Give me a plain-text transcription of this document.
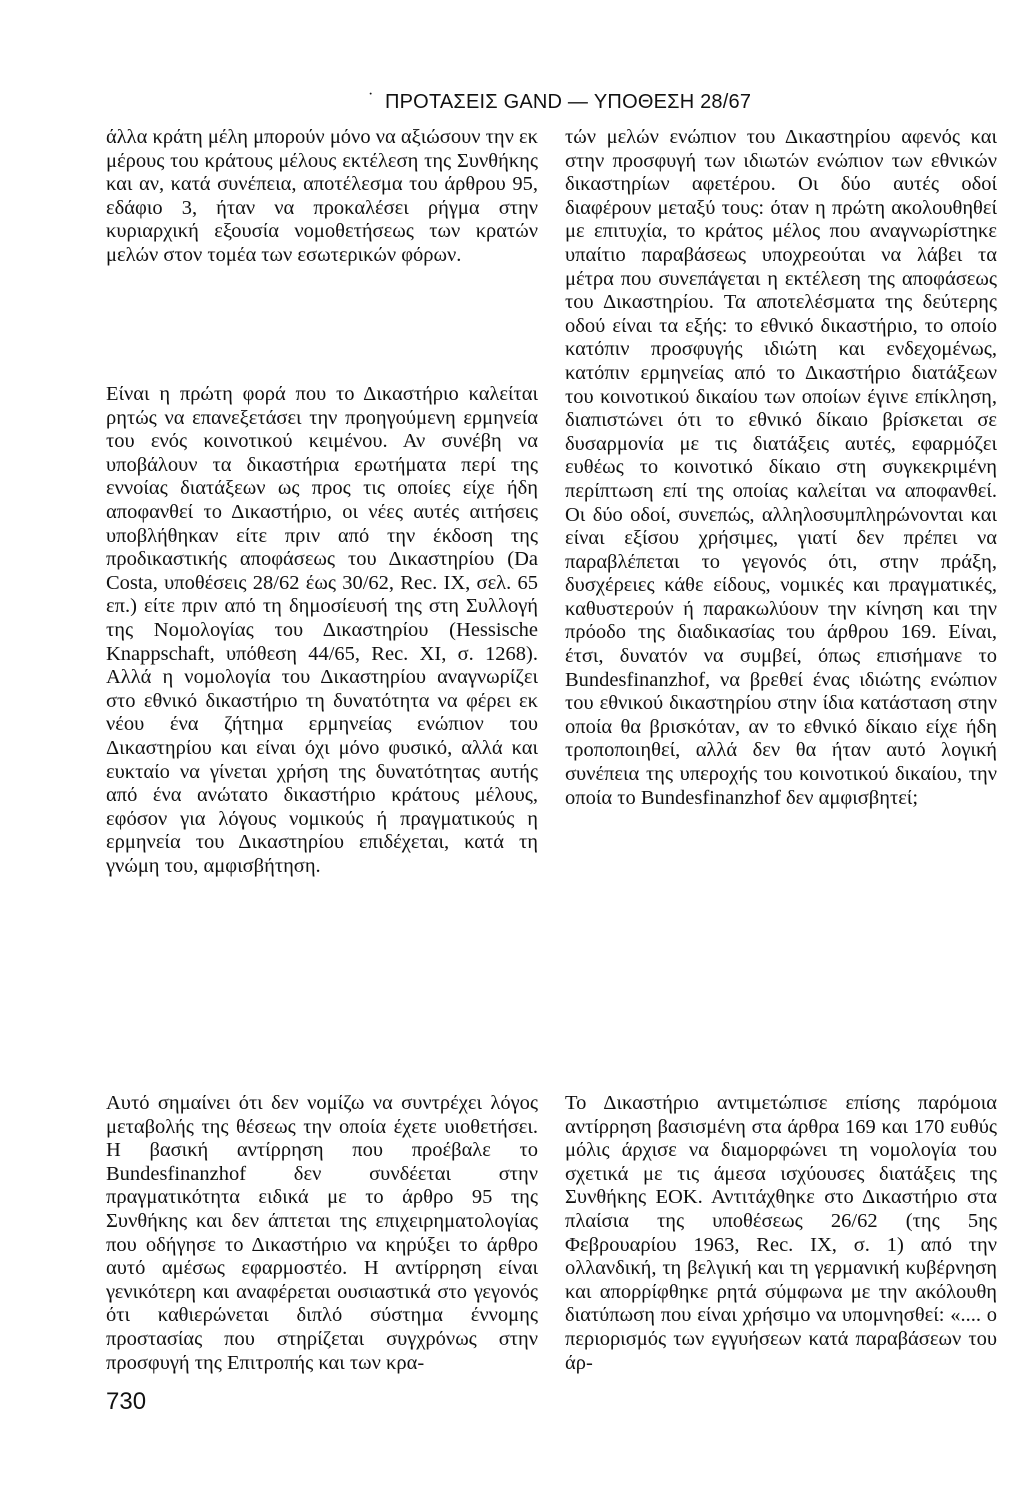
· ΠΡΟΤΑΣΕΙΣ GAND — ΥΠΟΘΕΣΗ 28/67

άλλα κράτη μέλη μπορούν μόνο να αξιώσουν την εκ μέρους του κράτους μέλους εκτέλεση της Συνθήκης και αν, κατά συνέπεια, αποτέλεσμα του άρθρου 95, εδάφιο 3, ήταν να προκαλέσει ρήγμα στην κυριαρχική εξουσία νομοθετήσεως των κρατών μελών στον τομέα των εσωτερικών φόρων.

Είναι η πρώτη φορά που το Δικαστήριο καλείται ρητώς να επανεξετάσει την προηγούμενη ερμηνεία του ενός κοινοτικού κειμένου. Αν συνέβη να υποβάλουν τα δικαστήρια ερωτήματα περί της εννοίας διατάξεων ως προς τις οποίες είχε ήδη αποφανθεί το Δικαστήριο, οι νέες αυτές αιτήσεις υποβλήθηκαν είτε πριν από την έκδοση της προδικαστικής αποφάσεως του Δικαστηρίου (Da Costa, υποθέσεις 28/62 έως 30/62, Rec. IX, σελ. 65 επ.) είτε πριν από τη δημοσίευσή της στη Συλλογή της Νομολογίας του Δικαστηρίου (Hessische Knappschaft, υπόθεση 44/65, Rec. XI, σ. 1268). Αλλά η νομολογία του Δικαστηρίου αναγνωρίζει στο εθνικό δικαστήριο τη δυνατότητα να φέρει εκ νέου ένα ζήτημα ερμηνείας ενώπιον του Δικαστηρίου και είναι όχι μόνο φυσικό, αλλά και ευκταίο να γίνεται χρήση της δυνατότητας αυτής από ένα ανώτατο δικαστήριο κράτους μέλους, εφόσον για λόγους νομικούς ή πραγματικούς η ερμηνεία του Δικαστηρίου επιδέχεται, κατά τη γνώμη του, αμφισβήτηση.

τών μελών ενώπιον του Δικαστηρίου αφενός και στην προσφυγή των ιδιωτών ενώπιον των εθνικών δικαστηρίων αφετέρου. Οι δύο αυτές οδοί διαφέρουν μεταξύ τους: όταν η πρώτη ακολουθηθεί με επιτυχία, το κράτος μέλος που αναγνωρίστηκε υπαίτιο παραβάσεως υποχρεούται να λάβει τα μέτρα που συνεπάγεται η εκτέλεση της αποφάσεως του Δικαστηρίου. Τα αποτελέσματα της δεύτερης οδού είναι τα εξής: το εθνικό δικαστήριο, το οποίο κατόπιν προσφυγής ιδιώτη και ενδεχομένως, κατόπιν ερμηνείας από το Δικαστήριο διατάξεων του κοινοτικού δικαίου των οποίων έγινε επίκληση, διαπιστώνει ότι το εθνικό δίκαιο βρίσκεται σε δυσαρμονία με τις διατάξεις αυτές, εφαρμόζει ευθέως το κοινοτικό δίκαιο στη συγκεκριμένη περίπτωση επί της οποίας καλείται να αποφανθεί. Οι δύο οδοί, συνεπώς, αλληλοσυμπληρώνονται και είναι εξίσου χρήσιμες, γιατί δεν πρέπει να παραβλέπεται το γεγονός ότι, στην πράξη, δυσχέρειες κάθε είδους, νομικές και πραγματικές, καθυστερούν ή παρακωλύουν την κίνηση και την πρόοδο της διαδικασίας του άρθρου 169. Είναι, έτσι, δυνατόν να συμβεί, όπως επισήμανε το Bundesfinanzhof, να βρεθεί ένας ιδιώτης ενώπιον του εθνικού δικαστηρίου στην ίδια κατάσταση στην οποία θα βρισκόταν, αν το εθνικό δίκαιο είχε ήδη τροποποιηθεί, αλλά δεν θα ήταν αυτό λογική συνέπεια της υπεροχής του κοινοτικού δικαίου, την οποία το Bundesfinanzhof δεν αμφισβητεί;

Αυτό σημαίνει ότι δεν νομίζω να συντρέχει λόγος μεταβολής της θέσεως την οποία έχετε υιοθετήσει. Η βασική αντίρρηση που προέβαλε το Bundesfinanzhof δεν συνδέεται στην πραγματικότητα ειδικά με το άρθρο 95 της Συνθήκης και δεν άπτεται της επιχειρηματολογίας που οδήγησε το Δικαστήριο να κηρύξει το άρθρο αυτό αμέσως εφαρμοστέο. Η αντίρρηση είναι γενικότερη και αναφέρεται ουσιαστικά στο γεγονός ότι καθιερώνεται διπλό σύστημα έννομης προστασίας που στηρίζεται συγχρόνως στην προσφυγή της Επιτροπής και των κρα-

Το Δικαστήριο αντιμετώπισε επίσης παρόμοια αντίρρηση βασισμένη στα άρθρα 169 και 170 ευθύς μόλις άρχισε να διαμορφώνει τη νομολογία του σχετικά με τις άμεσα ισχύουσες διατάξεις της Συνθήκης ΕΟΚ. Αντιτάχθηκε στο Δικαστήριο στα πλαίσια της υποθέσεως 26/62 (της 5ης Φεβρουαρίου 1963, Rec. IX, σ. 1) από την ολλανδική, τη βελγική και τη γερμανική κυβέρνηση και απορρίφθηκε ρητά σύμφωνα με την ακόλουθη διατύπωση που είναι χρήσιμο να υπομνησθεί: «.... ο περιορισμός των εγγυήσεων κατά παραβάσεων του άρ-

730
